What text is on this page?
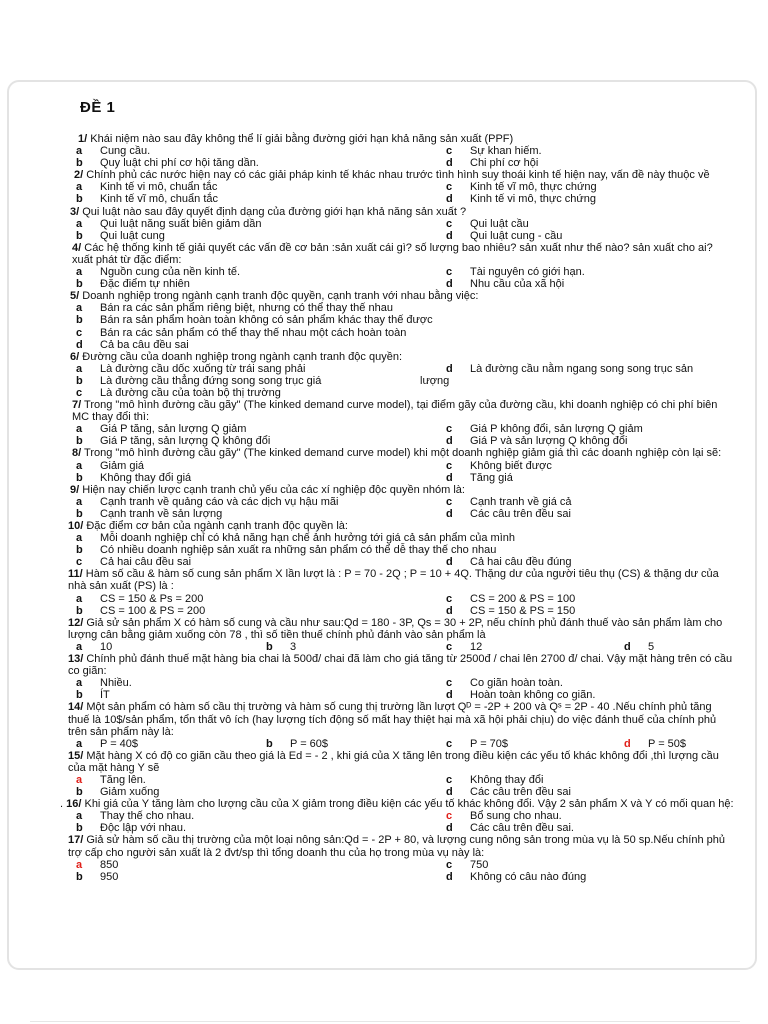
ĐỀ 1

1/ Khái niệm nào sau đây không thể lí giải bằng đường giới hạn khả năng sản xuất (PPF)

a	Cung cầu.	c	Sự khan hiếm.
b	Quy luật chi phí cơ hội tăng dần.	d	Chi phí cơ hội

2/ Chính phủ các nước hiện nay có các giải pháp kinh tế khác nhau trước tình hình suy thoái kinh tế hiện nay, vấn đề này thuộc về

a	Kinh tế vi mô, chuẩn tắc	c	Kinh tế vĩ mô, thực chứng
b	Kinh tế vĩ mô, chuẩn tắc	d	Kinh tế vi mô, thực chứng

3/ Qui luật nào sau đây quyết định dạng của đường giới hạn khả năng sản xuất ?

a	Qui luật năng suất biên giảm dần	c	Qui luật cầu
b	Qui luật cung	d	Qui luật cung - cầu

4/ Các hệ thống kinh tế giải quyết các vấn đề cơ bản :sản xuất cái gì? số lượng bao nhiêu? sản xuất như thế nào? sản xuất cho ai? xuất phát từ đặc điểm:

a	Nguồn cung của nền kinh tế.	c	Tài nguyên có giới hạn.
b	Đặc điểm tự nhiên	d	Nhu cầu của xã hội

5/ Doanh nghiệp trong ngành cạnh tranh độc quyền, cạnh tranh với nhau bằng việc:

a	Bán ra các sản phẩm riêng biệt, nhưng có thể thay thế nhau
b	Bán ra sản phẩm hoàn toàn không có sản phẩm khác thay thế được
c	Bán ra các sản phẩm có thể thay thế nhau một cách hoàn toàn
d	Cả ba câu đều sai

6/ Đường cầu của doanh nghiệp trong ngành cạnh tranh độc quyền:

a	Là đường cầu dốc xuống từ trái sang phải	d	Là đường cầu nằm ngang song song trục sản
b	Là đường cầu thẳng đứng song song trục giá	lượng
c	Là đường cầu của toàn bộ thị trường

7/ Trong "mô hình đường cầu gãy" (The kinked demand curve model), tại điểm gãy của đường cầu, khi doanh nghiệp có chi phí biên MC thay đổi thì:

a	Giá P tăng, sản lượng Q giảm	c	Giá P không đổi, sản lượng Q giảm
b	Giá P tăng, sản lượng Q không đổi	d	Giá P và sản lượng Q không đổi

8/ Trong "mô hình đường cầu gãy" (The kinked demand curve model) khi một doanh nghiệp giảm giá thì các doanh nghiệp còn lại sẽ:

a	Giảm giá	c	Không biết được
b	Không thay đổi giá	d	Tăng giá

9/ Hiện nay chiến lược cạnh tranh chủ yếu của các xí nghiệp độc quyền nhóm là:

a	Cạnh tranh về quảng cáo và các dịch vụ hậu mãi	c	Cạnh tranh về giá cả
b	Cạnh tranh về sản lượng	d	Các câu trên đều sai

10/ Đặc điểm cơ bản của ngành cạnh tranh độc quyền là:

a	Mỗi doanh nghiệp chỉ có khả năng hạn chế ảnh hưởng tới giá cả sản phẩm của mình
b	Có nhiều doanh nghiệp sản xuất ra những sản phẩm có thể dễ thay thế cho nhau
c	Cả hai câu đều sai	d	Cả hai câu đều đúng

11/ Hàm số cầu & hàm số cung sản phẩm X lần lượt là : P = 70 - 2Q ; P = 10 + 4Q. Thặng dư của người tiêu thụ (CS) & thặng dư của nhà sản xuất (PS) là :

a	CS = 150 & Ps = 200	c	CS = 200 & PS = 100
b	CS = 100 & PS = 200	d	CS = 150 & PS = 150

12/ Giả sử sản phẩm X có hàm số cung và cầu như sau:Qd = 180 - 3P, Qs = 30 + 2P, nếu chính phủ đánh thuế vào sản phẩm làm cho lượng cân bằng giảm xuống còn 78 , thì số tiền thuế chính phủ đánh vào sản phẩm là

a	10	b	3	c	12	d	5

13/ Chính phủ đánh thuế mặt hàng bia chai là 500đ/ chai đã làm cho giá tăng từ 2500đ / chai lên 2700 đ/ chai. Vậy mặt hàng trên có cầu co giãn:

a	Nhiều.	c	Co giãn hoàn toàn.
b	ÍT	d	Hoàn toàn không co giãn.

14/ Một sản phẩm có hàm số cầu thị trường và hàm số cung thị trường lần lượt Qᴰ = -2P + 200 và Qˢ = 2P - 40 .Nếu chính phủ tăng thuế là 10$/sản phẩm, tổn thất vô ích (hay lượng tích động số mất hay thiệt hại mà xã hội phải chịu) do việc đánh thuế của chính phủ trên sản phẩm này là:

a	P = 40$	b	P = 60$	c	P = 70$	d	P = 50$

15/ Mặt hàng X có độ co giãn cầu theo giá là Ed = - 2 , khi giá của X tăng lên trong điều kiện các yếu tố khác không đổi ,thì lượng cầu của mặt hàng Y sẽ

a	Tăng lên.	c	Không thay đổi
b	Giảm xuống	d	Các câu trên đều sai

. 16/ Khi giá của Y tăng làm cho lượng cầu của X giảm trong điều kiện các yếu tố khác không đổi. Vậy 2 sản phẩm X và Y có mối quan hệ:

a	Thay thế cho nhau.	c	Bổ sung cho nhau.
b	Độc lập với nhau.	d	Các câu trên đều sai.

17/ Giả sử hàm số cầu thị trường của một loại nông sản:Qd = - 2P + 80, và lượng cung nông sản trong mùa vụ là 50 sp.Nếu chính phủ trợ cấp cho người sản xuất là 2 đvt/sp thì tổng doanh thu của họ trong mùa vụ này là:

a	850	c	750
b	950	d	Không có câu nào đúng
